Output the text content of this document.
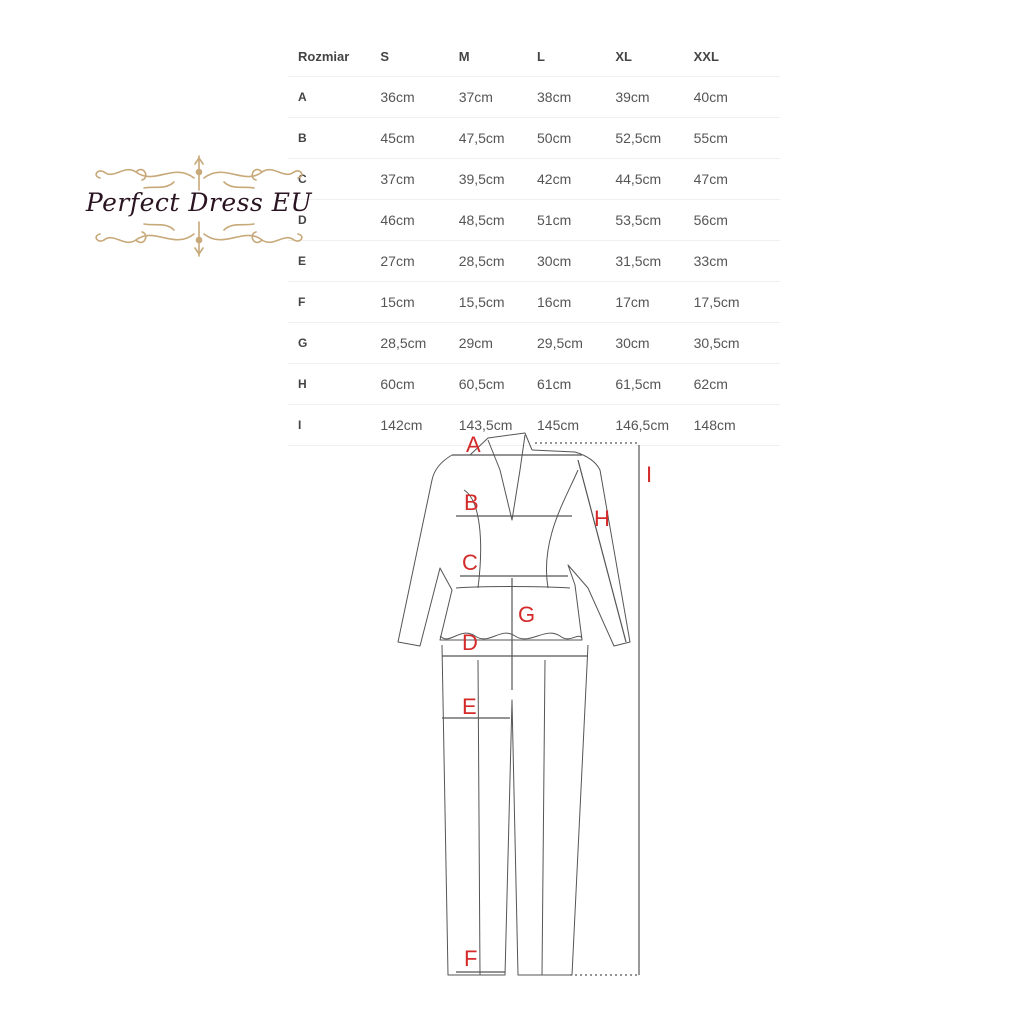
Rozmiar	S	M	L	XL	XXL
A	36cm	37cm	38cm	39cm	40cm
B	45cm	47,5cm	50cm	52,5cm	55cm
C	37cm	39,5cm	42cm	44,5cm	47cm
D	46cm	48,5cm	51cm	53,5cm	56cm
E	27cm	28,5cm	30cm	31,5cm	33cm
F	15cm	15,5cm	16cm	17cm	17,5cm
G	28,5cm	29cm	29,5cm	30cm	30,5cm
H	60cm	60,5cm	61cm	61,5cm	62cm
I	142cm	143,5cm	145cm	146,5cm	148cm
Perfect Dress EU
A
B
C
D
E
F
G
H
I
